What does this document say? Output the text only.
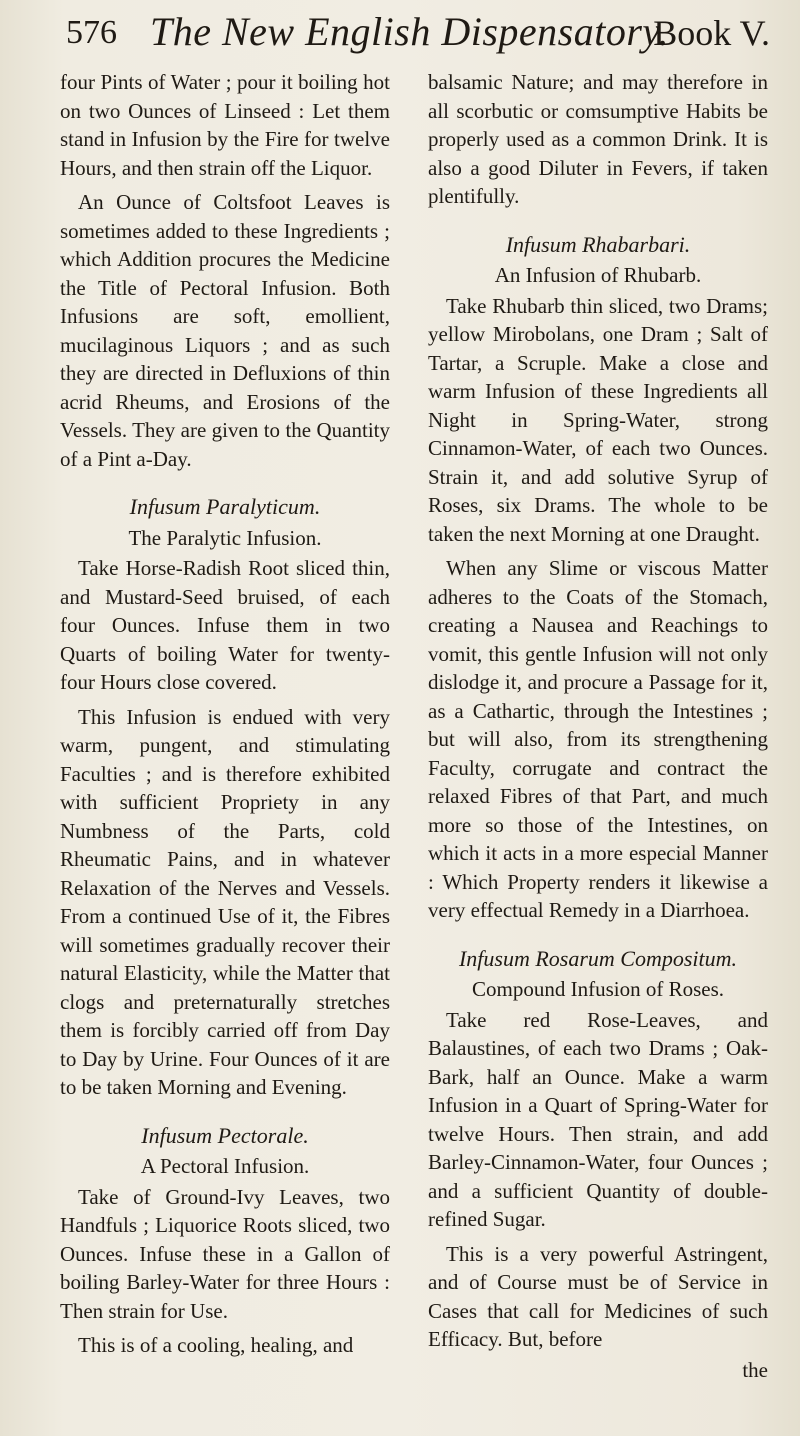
576 The New English Dispensatory.
Book V.

four Pints of Water ; pour it boiling hot on two Ounces of Linseed : Let them stand in Infusion by the Fire for twelve Hours, and then strain off the Liquor.

An Ounce of Coltsfoot Leaves is sometimes added to these Ingredients ; which Addition procures the Medicine the Title of Pectoral Infusion. Both Infusions are soft, emollient, mucilaginous Liquors ; and as such they are directed in Defluxions of thin acrid Rheums, and Erosions of the Vessels. They are given to the Quantity of a Pint a-Day.

Infusum Paralyticum.

The Paralytic Infusion.

Take Horse-Radish Root sliced thin, and Mustard-Seed bruised, of each four Ounces. Infuse them in two Quarts of boiling Water for twenty-four Hours close covered.

This Infusion is endued with very warm, pungent, and stimulating Faculties ; and is therefore exhibited with sufficient Propriety in any Numbness of the Parts, cold Rheumatic Pains, and in whatever Relaxation of the Nerves and Vessels. From a continued Use of it, the Fibres will sometimes gradually recover their natural Elasticity, while the Matter that clogs and preternaturally stretches them is forcibly carried off from Day to Day by Urine. Four Ounces of it are to be taken Morning and Evening.

Infusum Pectorale.

A Pectoral Infusion.

Take of Ground-Ivy Leaves, two Handfuls ; Liquorice Roots sliced, two Ounces. Infuse these in a Gallon of boiling Barley-Water for three Hours : Then strain for Use.

This is of a cooling, healing, and

balsamic Nature; and may therefore in all scorbutic or comsumptive Habits be properly used as a common Drink. It is also a good Diluter in Fevers, if taken plentifully.

Infusum Rhabarbari.

An Infusion of Rhubarb.

Take Rhubarb thin sliced, two Drams; yellow Mirobolans, one Dram ; Salt of Tartar, a Scruple. Make a close and warm Infusion of these Ingredients all Night in Spring-Water, strong Cinnamon-Water, of each two Ounces. Strain it, and add solutive Syrup of Roses, six Drams. The whole to be taken the next Morning at one Draught.

When any Slime or viscous Matter adheres to the Coats of the Stomach, creating a Nausea and Reachings to vomit, this gentle Infusion will not only dislodge it, and procure a Passage for it, as a Cathartic, through the Intestines ; but will also, from its strengthening Faculty, corrugate and contract the relaxed Fibres of that Part, and much more so those of the Intestines, on which it acts in a more especial Manner : Which Property renders it likewise a very effectual Remedy in a Diarrhoea.

Infusum Rosarum Compositum.

Compound Infusion of Roses.

Take red Rose-Leaves, and Balaustines, of each two Drams ; Oak-Bark, half an Ounce. Make a warm Infusion in a Quart of Spring-Water for twelve Hours. Then strain, and add Barley-Cinnamon-Water, four Ounces ; and a sufficient Quantity of double-refined Sugar.

This is a very powerful Astringent, and of Course must be of Service in Cases that call for Medicines of such Efficacy. But, before

the
